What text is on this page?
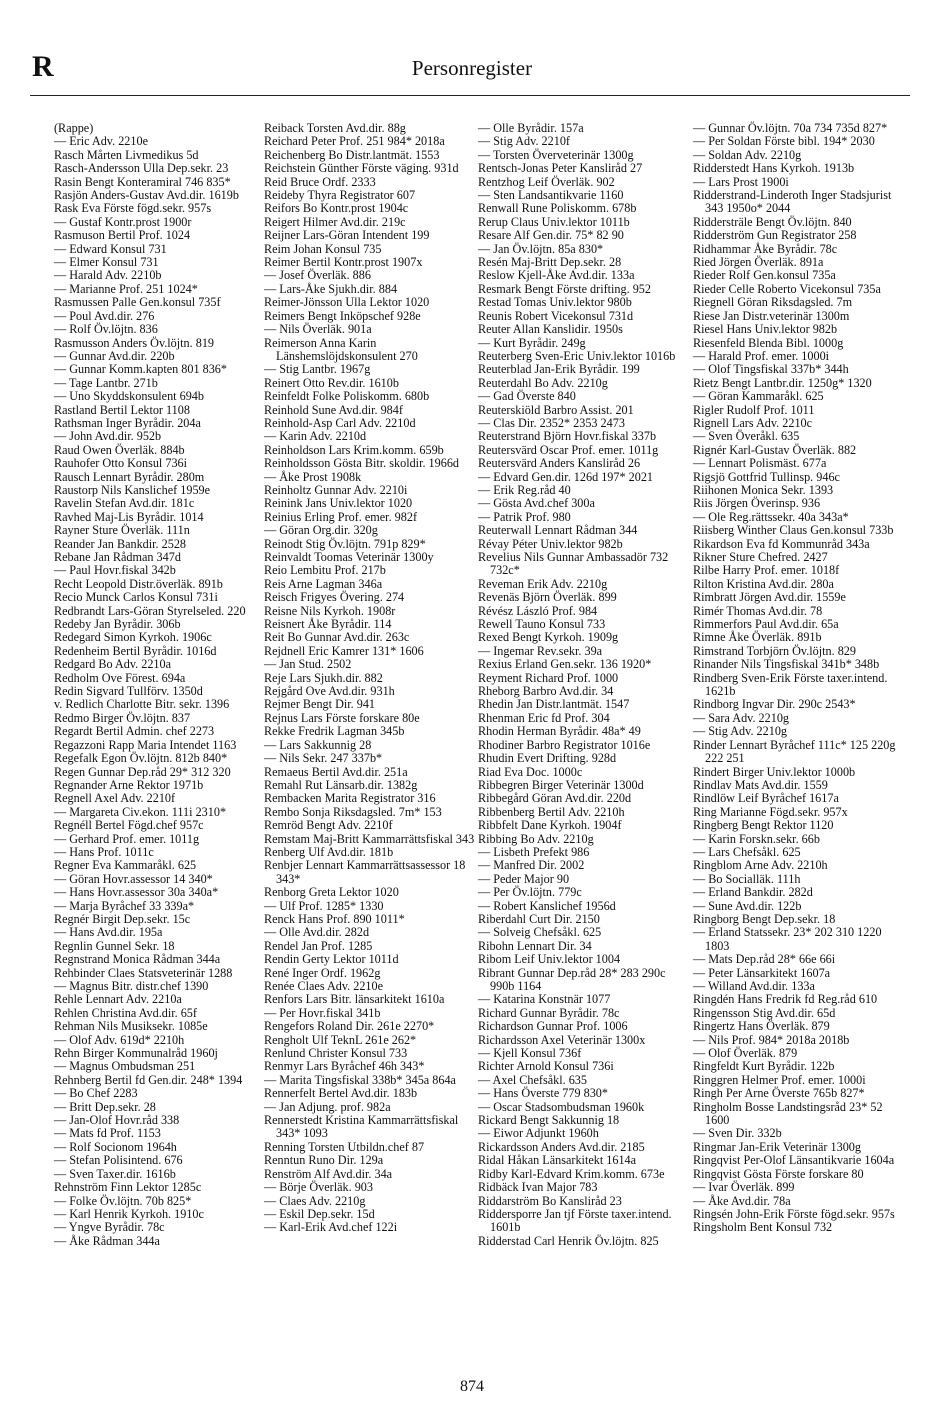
R	Personregister
(Rappe)
— Eric Adv. 2210e
Rasch Mårten Livmedikus 5d
Rasch-Andersson Ulla Dep.sekr. 23
Rasin Bengt Konteramiral 746 835*
Rasjön Anders-Gustav Avd.dir. 1619b
Rask Eva Förste fögd.sekr. 957s
— Gustaf Kontr.prost 1900r
Rasmuson Bertil Prof. 1024
— Edward Konsul 731
— Elmer Konsul 731
— Harald Adv. 2210b
— Marianne Prof. 251 1024*
Rasmussen Palle Gen.konsul 735f
— Poul Avd.dir. 276
— Rolf Öv.löjtn. 836
Rasmusson Anders Öv.löjtn. 819
— Gunnar Avd.dir. 220b
— Gunnar Komm.kapten 801 836*
— Tage Lantbr. 271b
— Uno Skyddskonsulent 694b
Rastland Bertil Lektor 1108
Rathsman Inger Byrådir. 204a
— John Avd.dir. 952b
Raud Owen Överläk. 884b
Rauhofer Otto Konsul 736i
Rausch Lennart Byrådir. 280m
Raustorp Nils Kanslichef 1959e
Ravelin Stefan Avd.dir. 181c
Ravhed Maj-Lis Byrådir. 1014
Rayner Sture Överläk. 111n
Reander Jan Bankdir. 2528
Rebane Jan Rådman 347d
— Paul Hovr.fiskal 342b
Recht Leopold Distr.överläk. 891b
Recio Munck Carlos Konsul 731i
Redbrandt Lars-Göran Styrelseled. 220
Redeby Jan Byrådir. 306b
Redegard Simon Kyrkoh. 1906c
Redenheim Bertil Byrådir. 1016d
Redgard Bo Adv. 2210a
Redholm Ove Förest. 694a
Redin Sigvard Tullförv. 1350d
v. Redlich Charlotte Bitr. sekr. 1396
Redmo Birger Öv.löjtn. 837
Regardt Bertil Admin. chef 2273
Regazzoni Rapp Maria Intendet 1163
Regefalk Egon Öv.löjtn. 812b 840*
Regen Gunnar Dep.råd 29* 312 320
Regnander Arne Rektor 1971b
Regnell Axel Adv. 2210f
— Margareta Civ.ekon. 111i 2310*
Regnéll Bertel Fögd.chef 957c
— Gerhard Prof. emer. 1011g
— Hans Prof. 1011c
Regner Eva Kammaråkl. 625
— Göran Hovr.assessor 14 340*
— Hans Hovr.assessor 30a 340a*
— Marja Byråchef 33 339a*
Regnér Birgit Dep.sekr. 15c
— Hans Avd.dir. 195a
Regnlin Gunnel Sekr. 18
Regnstrand Monica Rådman 344a
Rehbinder Claes Statsveterinär 1288
— Magnus Bitr. distr.chef 1390
Rehle Lennart Adv. 2210a
Rehlen Christina Avd.dir. 65f
Rehman Nils Musiksekr. 1085e
— Olof Adv. 619d* 2210h
Rehn Birger Kommunalråd 1960j
— Magnus Ombudsman 251
Rehnberg Bertil fd Gen.dir. 248* 1394
— Bo Chef 2283
— Britt Dep.sekr. 28
— Jan-Olof Hovr.råd 338
— Mats fd Prof. 1153
— Rolf Socionom 1964h
— Stefan Polisintend. 676
— Sven Taxer.dir. 1616b
Rehnström Finn Lektor 1285c
— Folke Öv.löjtn. 70b 825*
— Karl Henrik Kyrkoh. 1910c
— Yngve Byrådir. 78c
— Åke Rådman 344a
Reiback Torsten Avd.dir. 88g
Reichard Peter Prof. 251 984* 2018a
Reichenberg Bo Distr.lantmät. 1553
Reichstein Günther Förste väging. 931d
Reid Bruce Ordf. 2333
Reideby Thyra Registrator 607
Reifors Bo Kontr.prost 1904c
Reigert Hilmer Avd.dir. 219c
Reijner Lars-Göran Intendent 199
Reim Johan Konsul 735
Reimer Bertil Kontr.prost 1907x
— Josef Överläk. 886
— Lars-Åke Sjukh.dir. 884
Reimer-Jönsson Ulla Lektor 1020
Reimers Bengt Inköpschef 928e
— Nils Överläk. 901a
Reimerson Anna Karin Länshemslöjdskonsulent 270
— Stig Lantbr. 1967g
Reinert Otto Rev.dir. 1610b
Reinfeldt Folke Poliskomm. 680b
Reinhold Sune Avd.dir. 984f
Reinhold-Asp Carl Adv. 2210d
— Karin Adv. 2210d
Reinholdson Lars Krim.komm. 659b
Reinholdsson Gösta Bitr. skoldir. 1966d
— Åke Prost 1908k
Reinholtz Gunnar Adv. 2210i
Reinink Jans Univ.lektor 1020
Reinius Erling Prof. emer. 982f
— Göran Org.dir. 320g
Reinodt Stig Öv.löjtn. 791p 829*
Reinvaldt Toomas Veterinär 1300y
Reio Lembitu Prof. 217b
Reis Arne Lagman 346a
Reisch Frigyes Övering. 274
Reisne Nils Kyrkoh. 1908r
Reisnert Åke Byrådir. 114
Reit Bo Gunnar Avd.dir. 263c
Rejdnell Eric Kamrer 131* 1606
— Jan Stud. 2502
Reje Lars Sjukh.dir. 882
Rejgård Ove Avd.dir. 931h
Rejmer Bengt Dir. 941
Rejnus Lars Förste forskare 80e
Rekke Fredrik Lagman 345b
— Lars Sakkunnig 28
— Nils Sekr. 247 337b*
Remaeus Bertil Avd.dir. 251a
Remahl Rut Länsarb.dir. 1382g
Rembacken Marita Registrator 316
Rembo Sonja Riksdagsled. 7m* 153
Remröd Bengt Adv. 2210f
Remstam Maj-Britt Kammarrättsfiskal 343
Renberg Ulf Avd.dir. 181b
Renbjer Lennart Kammarrättsassessor 18 343*
Renborg Greta Lektor 1020
— Ulf Prof. 1285* 1330
Renck Hans Prof. 890 1011*
— Olle Avd.dir. 282d
Rendel Jan Prof. 1285
Rendin Gerty Lektor 1011d
René Inger Ordf. 1962g
Renée Claes Adv. 2210e
Renfors Lars Bitr. länsarkitekt 1610a
— Per Hovr.fiskal 341b
Rengefors Roland Dir. 261e 2270*
Rengholt Ulf TeknL 261e 262*
Renlund Christer Konsul 733
Renmyr Lars Byråchef 46h 343*
— Marita Tingsfiskal 338b* 345a 864a
Rennerfelt Bertel Avd.dir. 183b
— Jan Adjung. prof. 982a
Rennerstedt Kristina Kammarrättsfiskal 343* 1093
Renning Torsten Utbildn.chef 87
Renntun Runo Dir. 129a
Renström Alf Avd.dir. 34a
— Börje Överläk. 903
— Claes Adv. 2210g
— Eskil Dep.sekr. 15d
— Karl-Erik Avd.chef 122i
— Olle Byrådir. 157a
— Stig Adv. 2210f
— Torsten Överveterinär 1300g
Rentsch-Jonas Peter Kansliråd 27
Rentzhog Leif Överläk. 902
— Sten Landsantikvarie 1160
Renwall Rune Poliskomm. 678b
Rerup Claus Univ.lektor 1011b
Resare Alf Gen.dir. 75* 82 90
— Jan Öv.löjtn. 85a 830*
Resén Maj-Britt Dep.sekr. 28
Reslow Kjell-Åke Avd.dir. 133a
Resmark Bengt Förste drifting. 952
Restad Tomas Univ.lektor 980b
Reunis Robert Vicekonsul 731d
Reuter Allan Kanslidir. 1950s
— Kurt Byrådir. 249g
Reuterberg Sven-Eric Univ.lektor 1016b
Reuterblad Jan-Erik Byrådir. 199
Reuterdahl Bo Adv. 2210g
— Gad Överste 840
Reuterskiöld Barbro Assist. 201
— Clas Dir. 2352* 2353 2473
Reuterstrand Björn Hovr.fiskal 337b
Reutersvärd Oscar Prof. emer. 1011g
Reutersvärd Anders Kanslіråd 26
— Edvard Gen.dir. 126d 197* 2021
— Erik Reg.råd 40
— Gösta Avd.chef 300a
— Patrik Prof. 980
Reuterwall Lennart Rådman 344
Révay Péter Univ.lektor 982b
Revelius Nils Gunnar Ambassadör 732 732c*
Reveman Erik Adv. 2210g
Revenäs Björn Överläk. 899
Révész László Prof. 984
Rewell Tauno Konsul 733
Rexed Bengt Kyrkoh. 1909g
— Ingemar Rev.sekr. 39a
Rexius Erland Gen.sekr. 136 1920*
Reyment Richard Prof. 1000
Rheborg Barbro Avd.dir. 34
Rhedin Jan Distr.lantmät. 1547
Rhenman Eric fd Prof. 304
Rhodin Herman Byrådir. 48a* 49
Rhodiner Barbro Registrator 1016e
Rhudin Evert Drifting. 928d
Riad Eva Doc. 1000c
Ribbegren Birger Veterinär 1300d
Ribbegård Göran Avd.dir. 220d
Ribbenberg Bertil Adv. 2210h
Ribbfelt Dane Kyrkoh. 1904f
Ribbing Bo Adv. 2210g
— Lisbeth Prefekt 986
— Manfred Dir. 2002
— Peder Major 90
— Per Öv.löjtn. 779c
— Robert Kanslichef 1956d
Riberdahl Curt Dir. 2150
— Solveig Chefsåkl. 625
Ribohn Lennart Dir. 34
Ribom Leif Univ.lektor 1004
Ribrant Gunnar Dep.råd 28* 283 290c 990b 1164
— Katarina Konstnär 1077
Richard Gunnar Byrådir. 78c
Richardson Gunnar Prof. 1006
Richardsson Axel Veterinär 1300x
— Kjell Konsul 736f
Richter Arnold Konsul 736i
— Axel Chefsåkl. 635
— Hans Överste 779 830*
— Oscar Stadsombudsman 1960k
Rickard Bengt Sakkunnig 18
— Eiwor Adjunkt 1960h
Rickardsson Anders Avd.dir. 2185
Ridal Håkan Länsarkitekt 1614a
Ridby Karl-Edvard Krim.komm. 673e
Ridbäck Ivan Major 783
Riddarström Bo Kanslіråd 23
Riddersporre Jan tjf Förste taxer.intend. 1601b
Ridderstad Carl Henrik Öv.löjtn. 825
— Gunnar Öv.löjtn. 70a 734 735d 827*
— Per Soldan Förste bibl. 194* 2030
— Soldan Adv. 2210g
Ridderstedt Hans Kyrkoh. 1913b
— Lars Prost 1900i
Ridderstrand-Linderoth Inger Stadsjurist 343 1950o* 2044
Riddersträle Bengt Öv.löjtn. 840
Ridderström Gun Registrator 258
Ridhammar Åke Byrådir. 78c
Ried Jörgen Överläk. 891a
Rieder Rolf Gen.konsul 735a
Rieder Celle Roberto Vicekonsul 735a
Riegnell Göran Riksdagsled. 7m
Riese Jan Distr.veterinär 1300m
Riesel Hans Univ.lektor 982b
Riesenfeld Blenda Bibl. 1000g
— Harald Prof. emer. 1000i
— Olof Tingsfiskal 337b* 344h
Rietz Bengt Lantbr.dir. 1250g* 1320
— Göran Kammaråkl. 625
Rigler Rudolf Prof. 1011
Rignell Lars Adv. 2210c
— Sven Överåkl. 635
Rignér Karl-Gustav Överläk. 882
— Lennart Polismäst. 677a
Rigsjö Gottfrid Tullinsp. 946c
Riihonen Monica Sekr. 1393
Riis Jörgen Överinsp. 936
— Ole Reg.rättssekr. 40a 343a*
Riisberg Winther Claus Gen.konsul 733b
Rikardson Eva fd Kommunråd 343a
Rikner Sture Chefred. 2427
Rilbe Harry Prof. emer. 1018f
Rilton Kristina Avd.dir. 280a
Rimbratt Jörgen Avd.dir. 1559e
Rimér Thomas Avd.dir. 78
Rimmerfors Paul Avd.dir. 65a
Rimne Åke Överläk. 891b
Rimstrand Torbjörn Öv.löjtn. 829
Rinander Nils Tingsfiskal 341b* 348b
Rindberg Sven-Erik Förste taxer.intend. 1621b
Rindborg Ingvar Dir. 290c 2543*
— Sara Adv. 2210g
— Stig Adv. 2210g
Rinder Lennart Byråchef 111c* 125 220g 222 251
Rindert Birger Univ.lektor 1000b
Rindlav Mats Avd.dir. 1559
Rindlöw Leif Byråchef 1617a
Ring Marianne Fögd.sekr. 957x
Ringberg Bengt Rektor 1120
— Karin Forskn.sekr. 66b
— Lars Chefsåkl. 625
Ringblom Arne Adv. 2210h
— Bo Socialläk. 111h
— Erland Bankdir. 282d
— Sune Avd.dir. 122b
Ringborg Bengt Dep.sekr. 18
— Erland Statssekr. 23* 202 310 1220 1803
— Mats Dep.råd 28* 66e 66i
— Peter Länsarkitekt 1607a
— Willand Avd.dir. 133a
Ringdén Hans Fredrik fd Reg.råd 610
Ringensson Stig Avd.dir. 65d
Ringertz Hans Överläk. 879
— Nils Prof. 984* 2018a 2018b
— Olof Överläk. 879
Ringfeldt Kurt Byrådir. 122b
Ringgren Helmer Prof. emer. 1000i
Ringh Per Arne Överste 765b 827*
Ringholm Bosse Landstingsråd 23* 52 1600
— Sven Dir. 332b
Ringmar Jan-Erik Veterinär 1300g
Ringqvist Per-Olof Länsantikvarie 1604a
Ringqvist Gösta Förste forskare 80
— Ivar Överläk. 899
— Åke Avd.dir. 78a
Ringsén John-Erik Förste fögd.sekr. 957s
Ringsholm Bent Konsul 732
874
